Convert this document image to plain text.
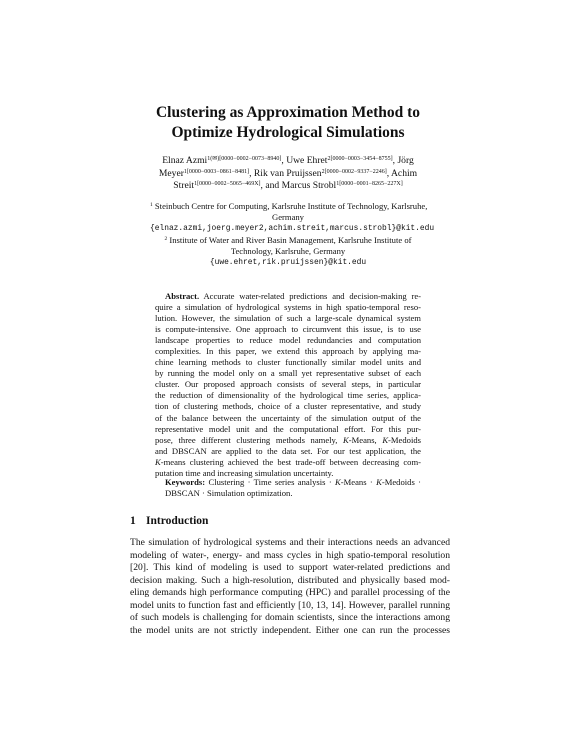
Clustering as Approximation Method to
Optimize Hydrological Simulations
Elnaz Azmi$^{1(✉)[0000-0002-0073-8940]}$, Uwe Ehret$^{2[0000-0003-3454-8755]}$, Jörg
Meyer$^{1[0000-0003-0861-8481]}$, Rik van Pruijssen$^{2[0000-0002-9337-2246]}$, Achim
Streit$^{1[0000-0002-5065-469X]}$, and Marcus Strobl$^{1[0000-0001-8265-227X]}$
$^1$ Steinbuch Centre for Computing, Karlsruhe Institute of Technology, Karlsruhe,
Germany
{elnaz.azmi,joerg.meyer2,achim.streit,marcus.strobl}@kit.edu
$^2$ Institute of Water and River Basin Management, Karlsruhe Institute of
Technology, Karlsruhe, Germany
{uwe.ehret,rik.pruijssen}@kit.edu
Abstract. Accurate water-related predictions and decision-making re-
quire a simulation of hydrological systems in high spatio-temporal reso-
lution. However, the simulation of such a large-scale dynamical system
is compute-intensive. One approach to circumvent this issue, is to use
landscape properties to reduce model redundancies and computation
complexities. In this paper, we extend this approach by applying ma-
chine learning methods to cluster functionally similar model units and
by running the model only on a small yet representative subset of each
cluster. Our proposed approach consists of several steps, in particular
the reduction of dimensionality of the hydrological time series, applica-
tion of clustering methods, choice of a cluster representative, and study
of the balance between the uncertainty of the simulation output of the
representative model unit and the computational effort. For this pur-
pose, three different clustering methods namely, K-Means, K-Medoids
and DBSCAN are applied to the data set. For our test application, the
K-means clustering achieved the best trade-off between decreasing com-
putation time and increasing simulation uncertainty.
Keywords: Clustering · Time series analysis · K-Means · K-Medoids ·
DBSCAN · Simulation optimization.
1 Introduction
The simulation of hydrological systems and their interactions needs an advanced
modeling of water-, energy- and mass cycles in high spatio-temporal resolution
[20]. This kind of modeling is used to support water-related predictions and
decision making. Such a high-resolution, distributed and physically based mod-
eling demands high performance computing (HPC) and parallel processing of the
model units to function fast and efficiently [10, 13, 14]. However, parallel running
of such models is challenging for domain scientists, since the interactions among
the model units are not strictly independent. Either one can run the processes
